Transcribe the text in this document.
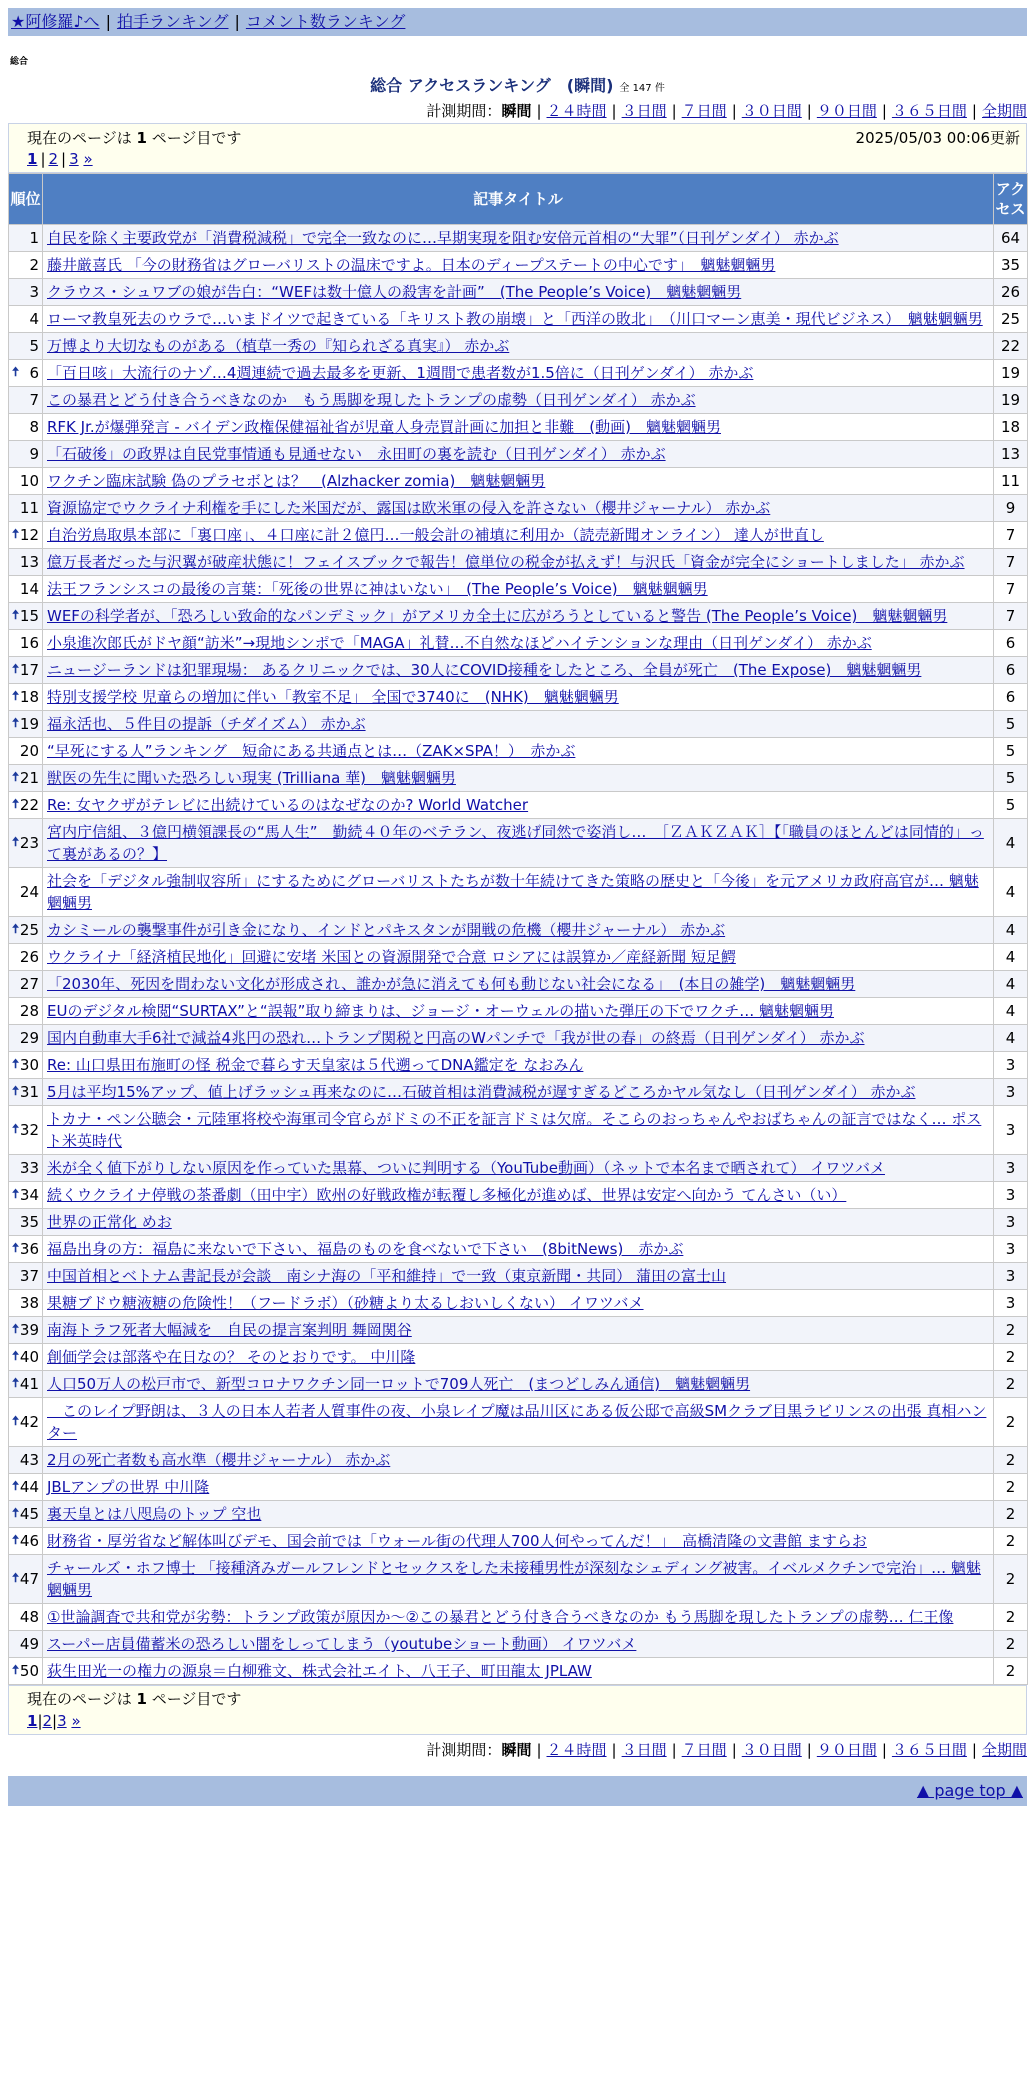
★阿修羅♪へ | 拍手ランキング | コメント数ランキング
総合
総合 アクセスランキング　(瞬間) 全 147 件
計測期間：瞬間 | ２４時間 | ３日間 | ７日間 | ３０日間 | ９０日間 | ３６５日間 | 全期間
現在のページは 1 ページ目です	2025/05/03 00:06更新
1 | 2 | 3 »
順位	記事タイトル	アクセス
1	自民を除く主要政党が「消費税減税」で完全一致なのに…早期実現を阻む安倍元首相の“大罪”（日刊ゲンダイ） 赤かぶ	64
2	藤井厳喜氏 「今の財務省はグローバリストの温床ですよ。日本のディープステートの中心です」　魑魅魍魎男	35
3	クラウス・シュワブの娘が告白：“WEFは数十億人の殺害を計画”　(The People’s Voice)　魑魅魍魎男	26
4	ローマ教皇死去のウラで…いまドイツで起きている「キリスト教の崩壊」と「西洋の敗北」　（川口マーン恵美・現代ビジネス）　魑魅魍魎男	25
5	万博より大切なものがある（植草一秀の『知られざる真実』） 赤かぶ	22

🠅 6	「百日咳」大流行のナゾ…4週連続で過去最多を更新、1週間で患者数が1.5倍に（日刊ゲンダイ） 赤かぶ	19
7	この暴君とどう付き合うべきなのか　もう馬脚を現したトランプの虚勢（日刊ゲンダイ） 赤かぶ	19
8	RFK Jr.が爆弾発言 - バイデン政権保健福祉省が児童人身売買計画に加担と非難　(動画)　魑魅魍魎男	18
9	「石破後」の政界は自民党事情通も見通せない　永田町の裏を読む（日刊ゲンダイ） 赤かぶ	13
10	ワクチン臨床試験 偽のプラセボとは？　(Alzhacker zomia)　魑魅魍魎男	11
11	資源協定でウクライナ利権を手にした米国だが、露国は欧米軍の侵入を許さない（櫻井ジャーナル） 赤かぶ	9

🠅 12	自治労鳥取県本部に「裏口座」、４口座に計２億円…一般会計の補填に利用か（読売新聞オンライン） 達人が世直し	7
13	億万長者だった与沢翼が破産状態に！フェイスブックで報告！億単位の税金が払えず！与沢氏「資金が完全にショートしました」 赤かぶ	7
14	法王フランシスコの最後の言葉：「死後の世界に神はいない」　(The People’s Voice)　魑魅魍魎男	7

🠅 15	WEFの科学者が、「恐ろしい致命的なパンデミック」がアメリカ全土に広がろうとしていると警告 (The People’s Voice)　魑魅魍魎男	7
16	小泉進次郎氏がドヤ顔“訪米”→現地シンポで「MAGA」礼賛…不自然なほどハイテンションな理由（日刊ゲンダイ） 赤かぶ	6

🠅 17	ニュージーランドは犯罪現場： あるクリニックでは、30人にCOVID接種をしたところ、全員が死亡　(The Expose)　魑魅魍魎男	6

🠅 18	特別支援学校 児童らの増加に伴い「教室不足」 全国で3740に　(NHK)　魑魅魍魎男	6

🠅 19	福永活也、５件目の提訴（チダイズム） 赤かぶ	5
20	“早死にする人”ランキング　短命にある共通点とは…（ZAK×SPA！）　赤かぶ	5

🠅 21	獣医の先生に聞いた恐ろしい現実 (Trilliana 華)　魑魅魍魎男	5

🠅 22	Re: 女ヤクザがテレビに出続けているのはなぜなのか? World Watcher	5

🠅 23	宮内庁信組、３億円横領課長の“馬人生”　勤続４０年のベテラン、夜逃げ同然で姿消し…　［ＺＡＫＺＡＫ］【「職員のほとんどは同情的」って裏があるの？】	4
24	社会を「デジタル強制収容所」にするためにグローバリストたちが数十年続けてきた策略の歴史と「今後」を元アメリカ政府高官が… 魑魅魍魎男	4

🠅 25	カシミールの襲撃事件が引き金になり、インドとパキスタンが開戦の危機（櫻井ジャーナル） 赤かぶ	4
26	ウクライナ「経済植民地化」回避に安堵 米国との資源開発で合意 ロシアには誤算か／産経新聞 短足鰐	4
27	「2030年、死因を問わない文化が形成され、誰かが急に消えても何も動じない社会になる」　(本日の雑学)　魑魅魍魎男	4
28	EUのデジタル検閲“SURTAX”と“誤報”取り締まりは、ジョージ・オーウェルの描いた弾圧の下でワクチ… 魑魅魍魎男	4
29	国内自動車大手6社で減益4兆円の恐れ…トランプ関税と円高のWパンチで「我が世の春」の終焉（日刊ゲンダイ） 赤かぶ	4

🠅 30	Re: 山口県田布施町の怪 税金で暮らす天皇家は５代遡ってDNA鑑定を なおみん	3

🠅 31	5月は平均15%アップ、値上げラッシュ再来なのに…石破首相は消費減税が遅すぎるどころかヤル気なし（日刊ゲンダイ） 赤かぶ	3

🠅 32	トカナ・ペン公聴会・元陸軍将校や海軍司令官らがドミの不正を証言ドミは欠席。そこらのおっちゃんやおばちゃんの証言ではなく… ポスト米英時代	3
33	米が全く値下がりしない原因を作っていた黒幕、ついに判明する（YouTube動画）（ネットで本名まで晒されて） イワツバメ	3

🠅 34	続くウクライナ停戦の茶番劇（田中宇）欧州の好戦政権が転覆し多極化が進めば、世界は安定へ向かう てんさい（い）	3
35	世界の正常化 めお	3

🠅 36	福島出身の方：福島に来ないで下さい、福島のものを食べないで下さい　(8bitNews)　赤かぶ	3
37	中国首相とベトナム書記長が会談　南シナ海の「平和維持」で一致（東京新聞・共同） 蒲田の富士山	3
38	果糖ブドウ糖液糖の危険性！（フードラボ）（砂糖より太るしおいしくない） イワツバメ	3

🠅 39	南海トラフ死者大幅減を　自民の提言案判明 舞岡関谷	2

🠅 40	創価学会は部落や在日なの？ そのとおりです。 中川隆	2

🠅 41	人口50万人の松戸市で、新型コロナワクチン同一ロットで709人死亡　(まつどしみん通信)　魑魅魍魎男	2

🠅 42	　このレイプ野朗は、３人の日本人若者人質事件の夜、小泉レイプ魔は品川区にある仮公邸で高級SMクラブ目黒ラビリンスの出張 真相ハンター	2
43	2月の死亡者数も高水準（櫻井ジャーナル） 赤かぶ	2

🠅 44	JBLアンプの世界 中川隆	2

🠅 45	裏天皇とは八咫烏のトップ 空也	2

🠅 46	財務省・厚労省など解体叫びデモ、国会前では「ウォール街の代理人700人何やってんだ！」　高橋清隆の文書館 ますらお	2

🠅 47	チャールズ・ホフ博士 「接種済みガールフレンドとセックスをした未接種男性が深刻なシェディング被害。イベルメクチンで完治」… 魑魅魍魎男	2
48	①世論調査で共和党が劣勢：トランプ政策が原因か～②この暴君とどう付き合うべきなのか もう馬脚を現したトランプの虚勢… 仁王像	2
49	スーパー店員備蓄米の恐ろしい闇をしってしまう（youtubeショート動画） イワツバメ	2

🠅 50	荻生田光一の権力の源泉＝白柳雅文、株式会社エイト、八王子、町田龍太 JPLAW	2
現在のページは 1 ページ目です
1|2|3 »
計測期間：瞬間 | ２４時間 | ３日間 | ７日間 | ３０日間 | ９０日間 | ３６５日間 | 全期間
▲ page top ▲
